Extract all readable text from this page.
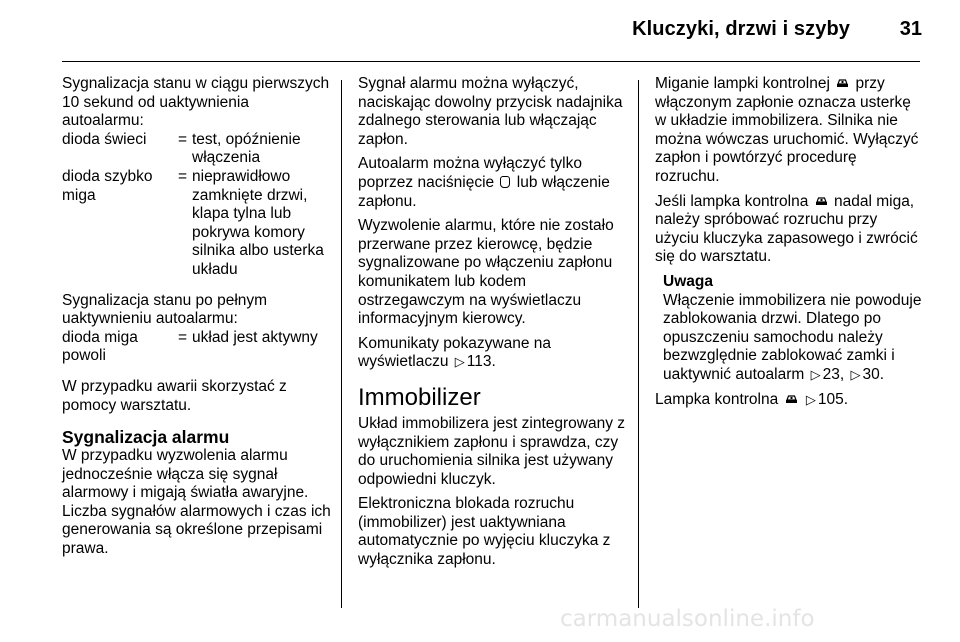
Kluczyki, drzwi i szyby	31

Sygnalizacja stanu w ciągu pierwszych 10 sekund od uaktywnienia autoalarmu:

dioda świeci	= test, opóźnienie włączenia
dioda szybko miga
= nieprawidłowo zamknięte drzwi, klapa tylna lub pokrywa komory silnika albo usterka układu

Sygnalizacja stanu po pełnym uaktywnieniu autoalarmu:

dioda miga powoli
= układ jest aktywny

W przypadku awarii skorzystać z pomocy warsztatu.

Sygnalizacja alarmu

W przypadku wyzwolenia alarmu jednocześnie włącza się sygnał alarmowy i migają światła awaryjne. Liczba sygnałów alarmowych i czas ich generowania są określone przepisami prawa.

Sygnał alarmu można wyłączyć, naciskając dowolny przycisk nadajnika zdalnego sterowania lub włączając zapłon.

Autoalarm można wyłączyć tylko poprzez naciśnięcie lub włączenie zapłonu.

Wyzwolenie alarmu, które nie zostało przerwane przez kierowcę, będzie sygnalizowane po włączeniu zapłonu komunikatem lub kodem ostrzegawczym na wyświetlaczu informacyjnym kierowcy.

Komunikaty pokazywane na wyświetlaczu ▷ 113.

Immobilizer

Układ immobilizera jest zintegrowany z wyłącznikiem zapłonu i sprawdza, czy do uruchomienia silnika jest używany odpowiedni kluczyk.

Elektroniczna blokada rozruchu (immobilizer) jest uaktywniana automatycznie po wyjęciu kluczyka z wyłącznika zapłonu.

Miganie lampki kontrolnej przy włączonym zapłonie oznacza usterkę w układzie immobilizera. Silnika nie można wówczas uruchomić. Wyłączyć zapłon i powtórzyć procedurę rozruchu.

Jeśli lampka kontrolna nadal miga, należy spróbować rozruchu przy użyciu kluczyka zapasowego i zwrócić się do warsztatu.

Uwaga
Włączenie immobilizera nie powoduje zablokowania drzwi. Dlatego po opuszczeniu samochodu należy bezwzględnie zablokować zamki i uaktywnić autoalarm ▷ 23, ▷ 30.

Lampka kontrolna ▷ 105.

carmanualsonline.info
